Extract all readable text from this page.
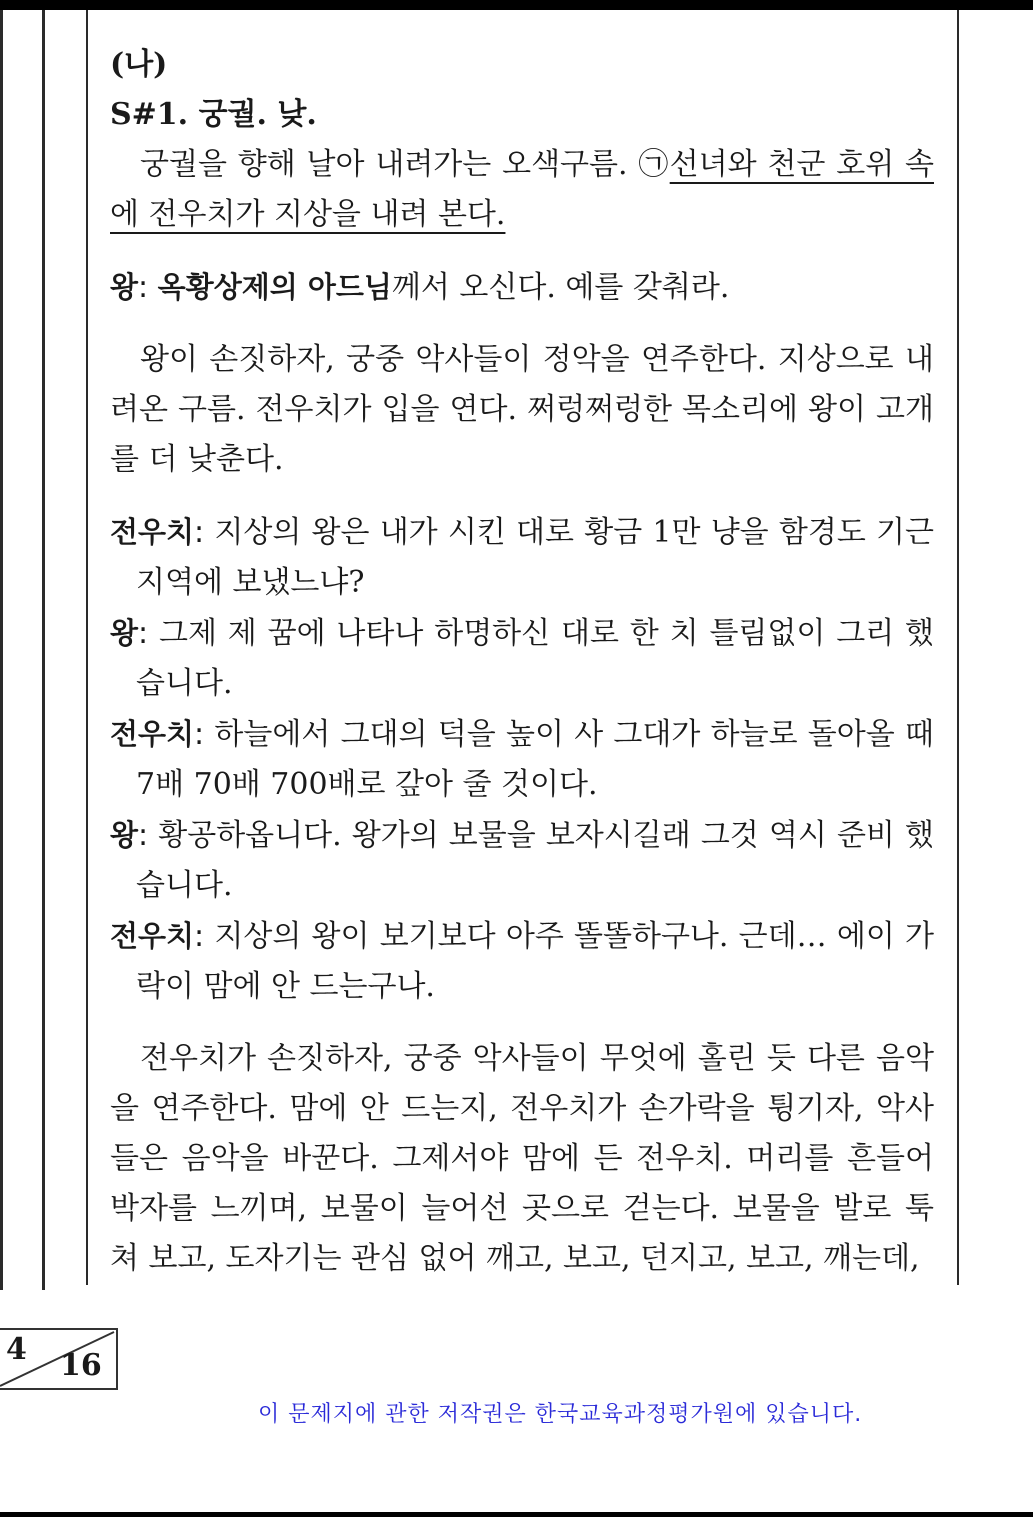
(나)

S#1. 궁궐. 낮.

궁궐을 향해 날아 내려가는 오색구름. ㉠선녀와 천군 호위 속에 전우치가 지상을 내려 본다.

왕: 옥황상제의 아드님께서 오신다. 예를 갖춰라.

왕이 손짓하자, 궁중 악사들이 정악을 연주한다. 지상으로 내려온 구름. 전우치가 입을 연다. 쩌렁쩌렁한 목소리에 왕이 고개를 더 낮춘다.

전우치: 지상의 왕은 내가 시킨 대로 황금 1만 냥을 함경도 기근 지역에 보냈느냐?

왕: 그제 제 꿈에 나타나 하명하신 대로 한 치 틀림없이 그리 했습니다.

전우치: 하늘에서 그대의 덕을 높이 사 그대가 하늘로 돌아올 때 7배 70배 700배로 갚아 줄 것이다.

왕: 황공하옵니다. 왕가의 보물을 보자시길래 그것 역시 준비 했습니다.

전우치: 지상의 왕이 보기보다 아주 똘똘하구나. 근데… 에이 가락이 맘에 안 드는구나.

전우치가 손짓하자, 궁중 악사들이 무엇에 홀린 듯 다른 음악을 연주한다. 맘에 안 드는지, 전우치가 손가락을 튕기자, 악사들은 음악을 바꾼다. 그제서야 맘에 든 전우치. 머리를 흔들어 박자를 느끼며, 보물이 늘어선 곳으로 걷는다. 보물을 발로 툭 쳐 보고, 도자기는 관심 없어 깨고, 보고, 던지고, 보고, 깨는데,

4 16
이 문제지에 관한 저작권은 한국교육과정평가원에 있습니다.
